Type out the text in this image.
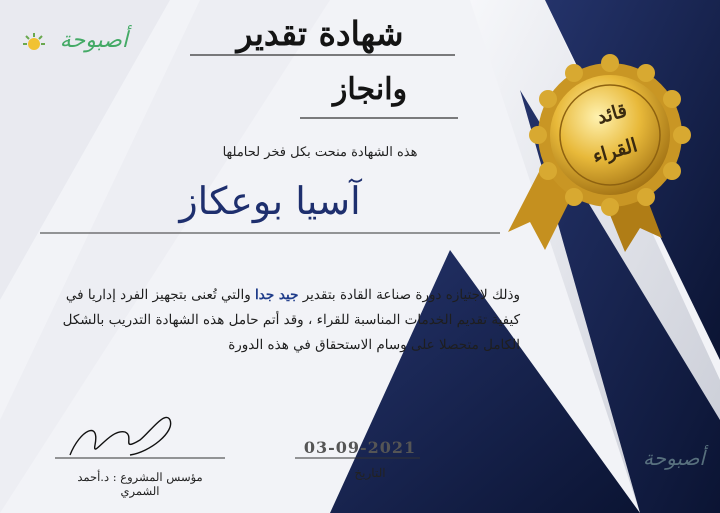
أصبوحة
أصبوحة
شهادة تقدير
وانجاز
هذه الشهادة منحت بكل فخر لحاملها
آسيا بوعكاز
وذلك لاجتيازه دورة صناعة القادة بتقدير جيد جدا والتي تُعنى بتجهيز الفرد إداريا في كيفية تقديم الخدمات المناسبة للقراء ، وقد أتم حامل هذه الشهادة التدريب بالشكل الكامل متحصلا على وسام الاستحقاق في هذه الدورة
قائد
القراء
03-09-2021
التاريخ
مؤسس المشروع : د.أحمد الشمري
